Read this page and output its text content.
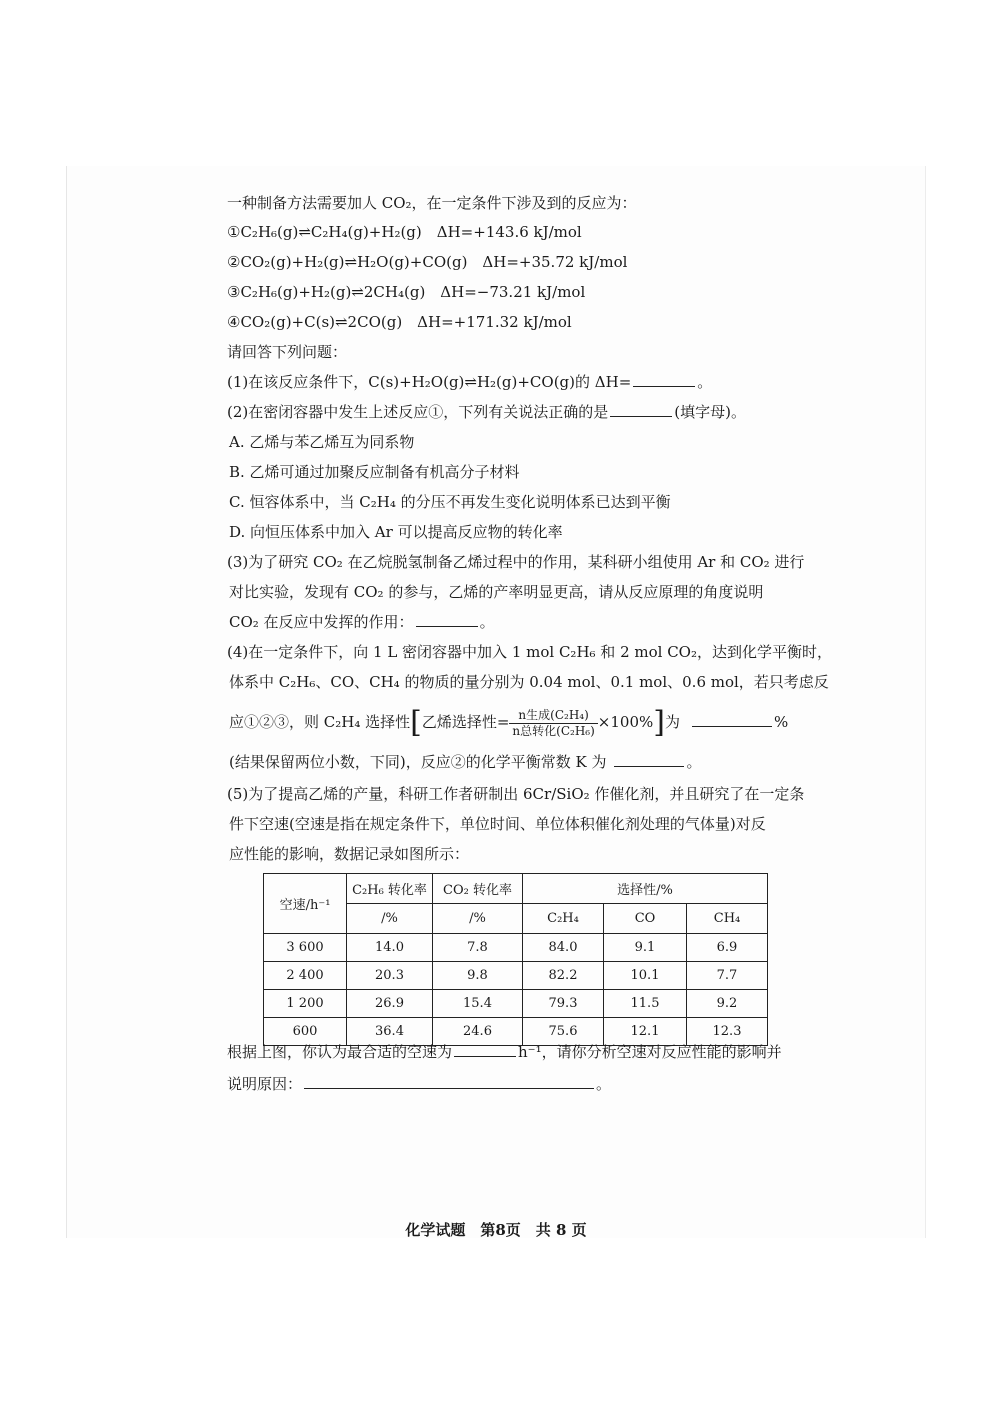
一种制备方法需要加人 CO₂，在一定条件下涉及到的反应为：
①C₂H₆(g)⇌C₂H₄(g)+H₂(g)　ΔH=+143.6 kJ/mol
②CO₂(g)+H₂(g)⇌H₂O(g)+CO(g)　ΔH=+35.72 kJ/mol
③C₂H₆(g)+H₂(g)⇌2CH₄(g)　ΔH=−73.21 kJ/mol
④CO₂(g)+C(s)⇌2CO(g)　ΔH=+171.32 kJ/mol
请回答下列问题：
(1)在该反应条件下，C(s)+H₂O(g)⇌H₂(g)+CO(g)的 ΔH=	。
(2)在密闭容器中发生上述反应①，下列有关说法正确的是	(填字母)。
A. 乙烯与苯乙烯互为同系物
B. 乙烯可通过加聚反应制备有机高分子材料
C. 恒容体系中，当 C₂H₄ 的分压不再发生变化说明体系已达到平衡
D. 向恒压体系中加入 Ar 可以提高反应物的转化率
(3)为了研究 CO₂ 在乙烷脱氢制备乙烯过程中的作用，某科研小组使用 Ar 和 CO₂ 进行
对比实验，发现有 CO₂ 的参与，乙烯的产率明显更高，请从反应原理的角度说明
CO₂ 在反应中发挥的作用：	。
(4)在一定条件下，向 1 L 密闭容器中加入 1 mol C₂H₆ 和 2 mol CO₂，达到化学平衡时，
体系中 C₂H₆、CO、CH₄ 的物质的量分别为 0.04 mol、0.1 mol、0.6 mol，若只考虑反
应①②③，则 C₂H₄ 选择性[乙烯选择性= $\frac{\text{n生成(C₂H₄)}}{\text{n总转化(C₂H₆)}} \times 100\%$]为	%
(结果保留两位小数，下同)，反应②的化学平衡常数 K 为	。
(5)为了提高乙烯的产量，科研工作者研制出 6Cr/SiO₂ 作催化剂，并且研究了在一定条
件下空速(空速是指在规定条件下，单位时间、单位体积催化剂处理的气体量)对反
应性能的影响，数据记录如图所示：
空速/h⁻¹	C₂H₆ 转化率	CO₂ 转化率	选择性/%		
	/%	/%	C₂H₄	CO	CH₄
3 600	14.0	7.8	84.0	9.1	6.9
2 400	20.3	9.8	82.2	10.1	7.7
1 200	26.9	15.4	79.3	11.5	9.2
600	36.4	24.6	75.6	12.1	12.3
根据上图，你认为最合适的空速为	h⁻¹，请你分析空速对反应性能的影响并
说明原因：	。
化学试题　第8页　共 8 页
